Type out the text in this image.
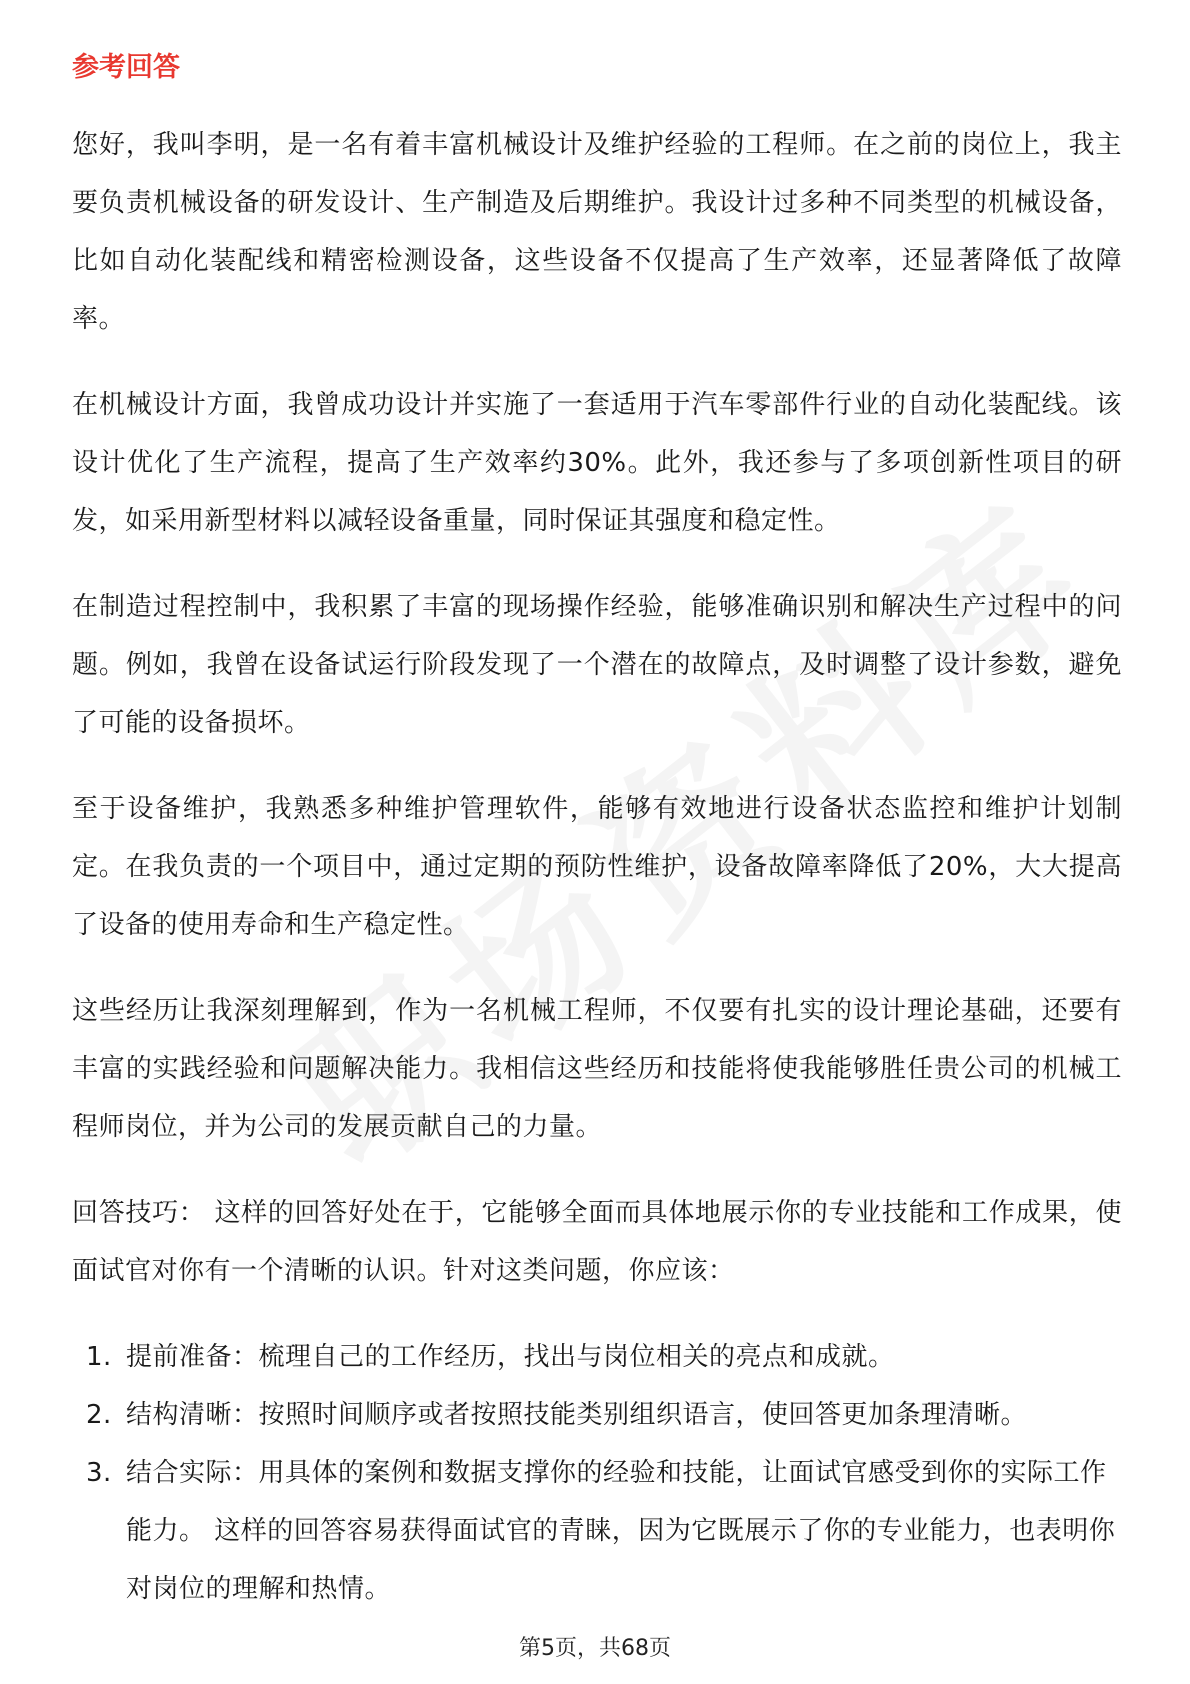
参考回答

您好，我叫李明，是一名有着丰富机械设计及维护经验的工程师。在之前的岗位上，我主要负责机械设备的研发设计、生产制造及后期维护。我设计过多种不同类型的机械设备，比如自动化装配线和精密检测设备，这些设备不仅提高了生产效率，还显著降低了故障率。

在机械设计方面，我曾成功设计并实施了一套适用于汽车零部件行业的自动化装配线。该设计优化了生产流程，提高了生产效率约30%。此外，我还参与了多项创新性项目的研发，如采用新型材料以减轻设备重量，同时保证其强度和稳定性。

在制造过程控制中，我积累了丰富的现场操作经验，能够准确识别和解决生产过程中的问题。例如，我曾在设备试运行阶段发现了一个潜在的故障点，及时调整了设计参数，避免了可能的设备损坏。

至于设备维护，我熟悉多种维护管理软件，能够有效地进行设备状态监控和维护计划制定。在我负责的一个项目中，通过定期的预防性维护，设备故障率降低了20%，大大提高了设备的使用寿命和生产稳定性。

这些经历让我深刻理解到，作为一名机械工程师，不仅要有扎实的设计理论基础，还要有丰富的实践经验和问题解决能力。我相信这些经历和技能将使我能够胜任贵公司的机械工程师岗位，并为公司的发展贡献自己的力量。

回答技巧： 这样的回答好处在于，它能够全面而具体地展示你的专业技能和工作成果，使面试官对你有一个清晰的认识。针对这类问题，你应该：

1. 提前准备：梳理自己的工作经历，找出与岗位相关的亮点和成就。
2. 结构清晰：按照时间顺序或者按照技能类别组织语言，使回答更加条理清晰。
3. 结合实际：用具体的案例和数据支撑你的经验和技能，让面试官感受到你的实际工作能力。 这样的回答容易获得面试官的青睐，因为它既展示了你的专业能力，也表明你对岗位的理解和热情。
第5页，共68页
